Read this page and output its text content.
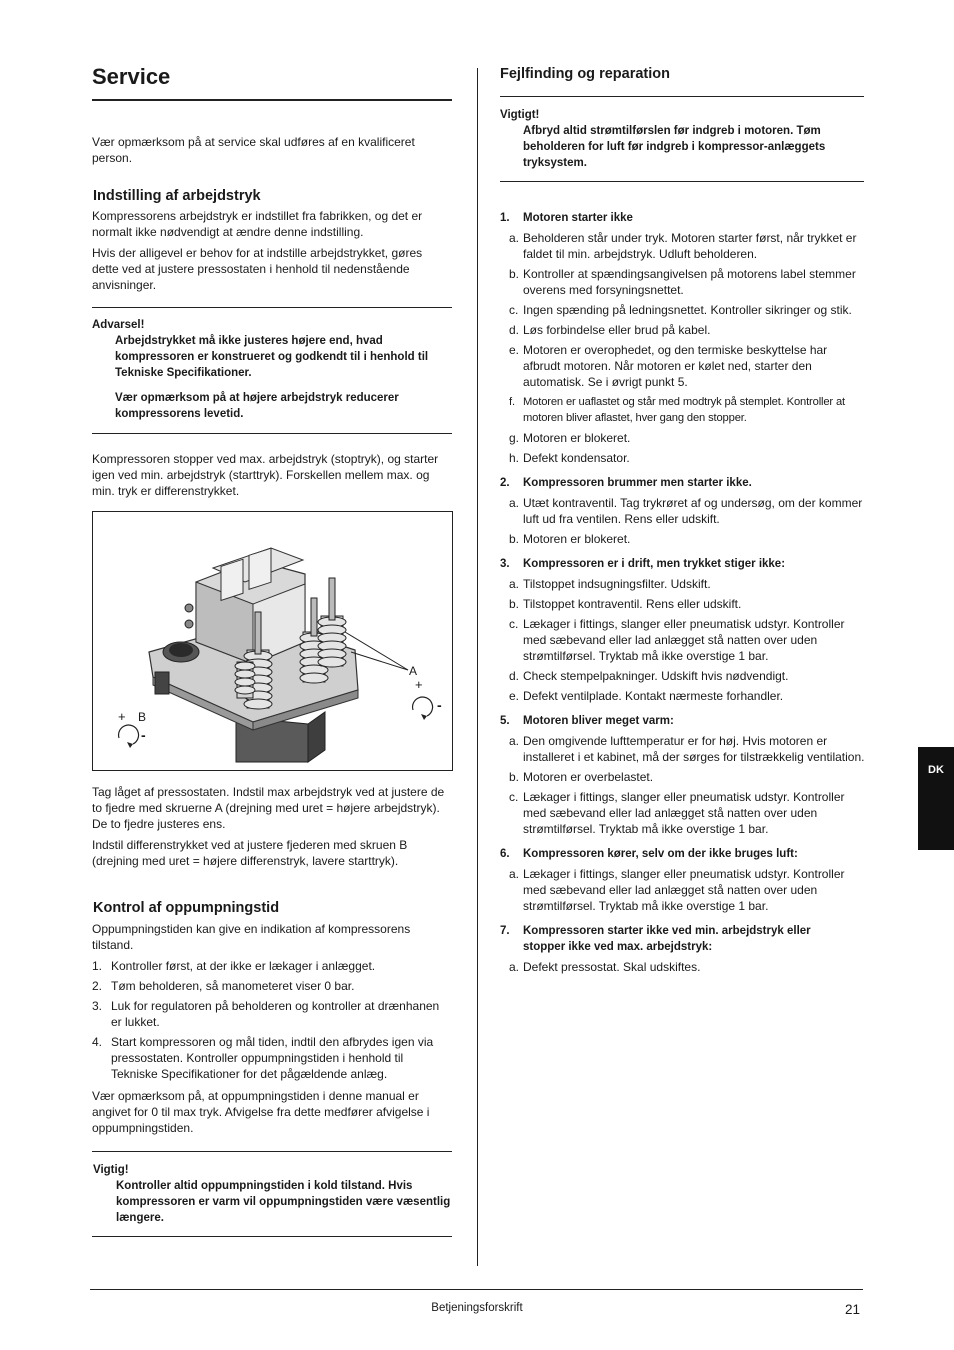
Service

Vær opmærksom på at service skal udføres af en kvalificeret person.

Indstilling af arbejdstryk

Kompressorens arbejdstryk er indstillet fra fabrikken, og det er normalt ikke nødvendigt at ændre denne indstilling.

Hvis der alligevel er behov for at indstille arbejdstrykket, gøres dette ved at justere pressostaten i henhold til nedenstående anvisninger.

Advarsel!
Arbejdstrykket må ikke justeres højere end, hvad kompressoren er konstrueret og godkendt til i henhold til Tekniske Specifikationer.
Vær opmærksom på at højere arbejdstryk reducerer kompressorens levetid.

Kompressoren stopper ved max. arbejdstryk (stoptryk), og starter igen ved min. arbejdstryk (starttryk). Forskellen mellem max. og min. tryk er differenstrykket.

A
+
-
+ B
-

Tag låget af pressostaten. Indstil max arbejdstryk ved at justere de to fjedre med skruerne A (drejning med uret = højere arbejdstryk). De to fjedre justeres ens.

Indstil differenstrykket ved at justere fjederen med skruen B (drejning med uret = højere differenstryk, lavere starttryk).

Kontrol af oppumpningstid

Oppumpningstiden kan give en indikation af kompressorens tilstand.

1. Kontroller først, at der ikke er lækager i anlægget.
2. Tøm beholderen, så manometeret viser 0 bar.
3. Luk for regulatoren på beholderen og kontroller at drænhanen er lukket.
4. Start kompressoren og mål tiden, indtil den afbrydes igen via pressostaten. Kontroller oppumpningstiden i henhold til Tekniske Specifikationer for det pågældende anlæg.

Vær opmærksom på, at oppumpningstiden i denne manual er angivet for 0 til max tryk. Afvigelse fra dette medfører afvigelse i oppumpningstiden.

Vigtig!
Kontroller altid oppumpningstiden i kold tilstand. Hvis kompressoren er varm vil oppumpningstiden være væsentlig længere.
Fejlfinding og reparation
Vigtigt!
Afbryd altid strømtilførslen før indgreb i motoren. Tøm beholderen for luft før indgreb i kompressor-anlæggets tryksystem.
1. Motoren starter ikke
a. Beholderen står under tryk. Motoren starter først, når trykket er faldet til min. arbejdstryk. Udluft beholderen.
b. Kontroller at spændingsangivelsen på motorens label stemmer overens med forsyningsnettet.
c. Ingen spænding på ledningsnettet. Kontroller sikringer og stik.
d. Løs forbindelse eller brud på kabel.
e. Motoren er overophedet, og den termiske beskyttelse har afbrudt motoren. Når motoren er kølet ned, starter den automatisk. Se i øvrigt punkt 5.
f. Motoren er uaflastet og står med modtryk på stemplet. Kontroller at motoren bliver aflastet, hver gang den stopper.
g. Motoren er blokeret.
h. Defekt kondensator.
2. Kompressoren brummer men starter ikke.
a. Utæt kontraventil. Tag trykrøret af og undersøg, om der kommer luft ud fra ventilen. Rens eller udskift.
b. Motoren er blokeret.
3. Kompressoren er i drift, men trykket stiger ikke:
a. Tilstoppet indsugningsfilter. Udskift.
b. Tilstoppet kontraventil. Rens eller udskift.
c. Lækager i fittings, slanger eller pneumatisk udstyr. Kontroller med sæbevand eller lad anlægget stå natten over uden strømtilførsel. Tryktab må ikke overstige 1 bar.
d. Check stempelpakninger. Udskift hvis nødvendigt.
e. Defekt ventilplade. Kontakt nærmeste forhandler.
5. Motoren bliver meget varm:
a. Den omgivende lufttemperatur er for høj. Hvis motoren er installeret i et kabinet, må der sørges for tilstrækkelig ventilation.
b. Motoren er overbelastet.
c. Lækager i fittings, slanger eller pneumatisk udstyr. Kontroller med sæbevand eller lad anlægget stå natten over uden strømtilførsel. Tryktab må ikke overstige 1 bar.
6. Kompressoren kører, selv om der ikke bruges luft:
a. Lækager i fittings, slanger eller pneumatisk udstyr. Kontroller med sæbevand eller lad anlægget stå natten over uden strømtilførsel. Tryktab må ikke overstige 1 bar.
7. Kompressoren starter ikke ved min. arbejdstryk eller stopper ikke ved max. arbejdstryk:
a. Defekt pressostat. Skal udskiftes.
DK
Betjeningsforskrift	21
